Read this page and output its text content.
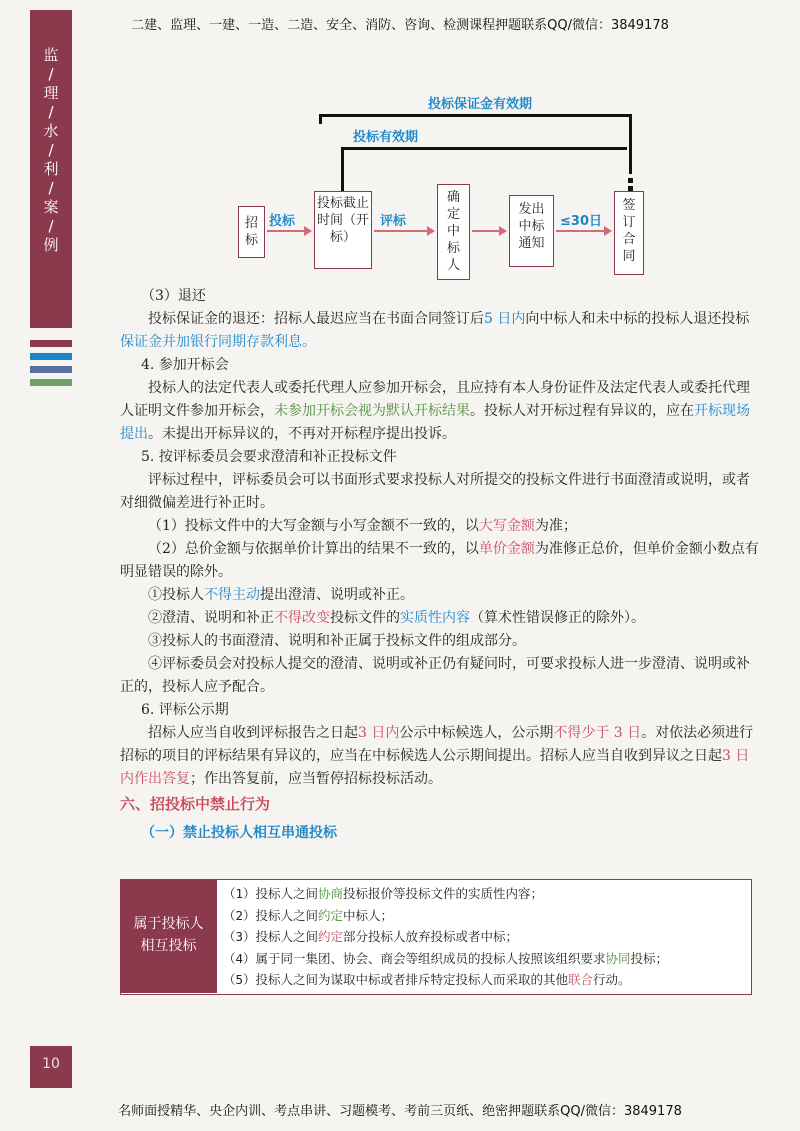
二建、监理、一建、一造、二造、安全、消防、咨询、检测课程押题联系QQ/微信：3849178
监
/
理
/
水
/
利
/
案
/
例
投标保证金有效期
投标有效期
招标
投标截止时间（开标）
确定中标人
发出中标通知
签订合同
投标	评标	≤30日

（3）退还

投标保证金的退还：招标人最迟应当在书面合同签订后5 日内向中标人和未中标的投标人退还投标保证金并加银行同期存款利息。

4. 参加开标会

投标人的法定代表人或委托代理人应参加开标会，且应持有本人身份证件及法定代表人或委托代理人证明文件参加开标会，未参加开标会视为默认开标结果。投标人对开标过程有异议的，应在开标现场提出。未提出开标异议的，不再对开标程序提出投诉。

5. 按评标委员会要求澄清和补正投标文件

评标过程中，评标委员会可以书面形式要求投标人对所提交的投标文件进行书面澄清或说明，或者对细微偏差进行补正时。

（1）投标文件中的大写金额与小写金额不一致的，以大写金额为准；

（2）总价金额与依据单价计算出的结果不一致的，以单价金额为准修正总价，但单价金额小数点有明显错误的除外。

①投标人不得主动提出澄清、说明或补正。

②澄清、说明和补正不得改变投标文件的实质性内容（算术性错误修正的除外）。

③投标人的书面澄清、说明和补正属于投标文件的组成部分。

④评标委员会对投标人提交的澄清、说明或补正仍有疑问时，可要求投标人进一步澄清、说明或补正的，投标人应予配合。

6. 评标公示期

招标人应当自收到评标报告之日起3 日内公示中标候选人，公示期不得少于 3 日。对依法必须进行招标的项目的评标结果有异议的，应当在中标候选人公示期间提出。招标人应当自收到异议之日起3 日内作出答复；作出答复前，应当暂停招标投标活动。

六、招投标中禁止行为

（一）禁止投标人相互串通投标

属于投标人
相互投标
（1）投标人之间协商投标报价等投标文件的实质性内容；
（2）投标人之间约定中标人；
（3）投标人之间约定部分投标人放弃投标或者中标；
（4）属于同一集团、协会、商会等组织成员的投标人按照该组织要求协同投标；
（5）投标人之间为谋取中标或者排斥特定投标人而采取的其他联合行动。
10
名师面授精华、央企内训、考点串讲、习题模考、考前三页纸、绝密押题联系QQ/微信：3849178
